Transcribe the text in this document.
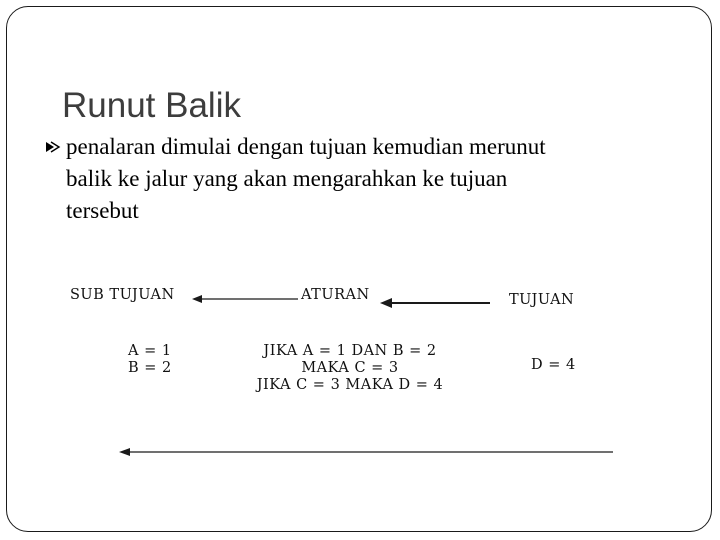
Runut Balik
penalaran dimulai dengan tujuan kemudian merunut
balik ke jalur yang akan mengarahkan ke tujuan
tersebut
SUB TUJUAN	ATURAN	TUJUAN
A = 1
B = 2
JIKA A = 1 DAN B = 2
MAKA C = 3
JIKA C = 3 MAKA D = 4
D = 4
